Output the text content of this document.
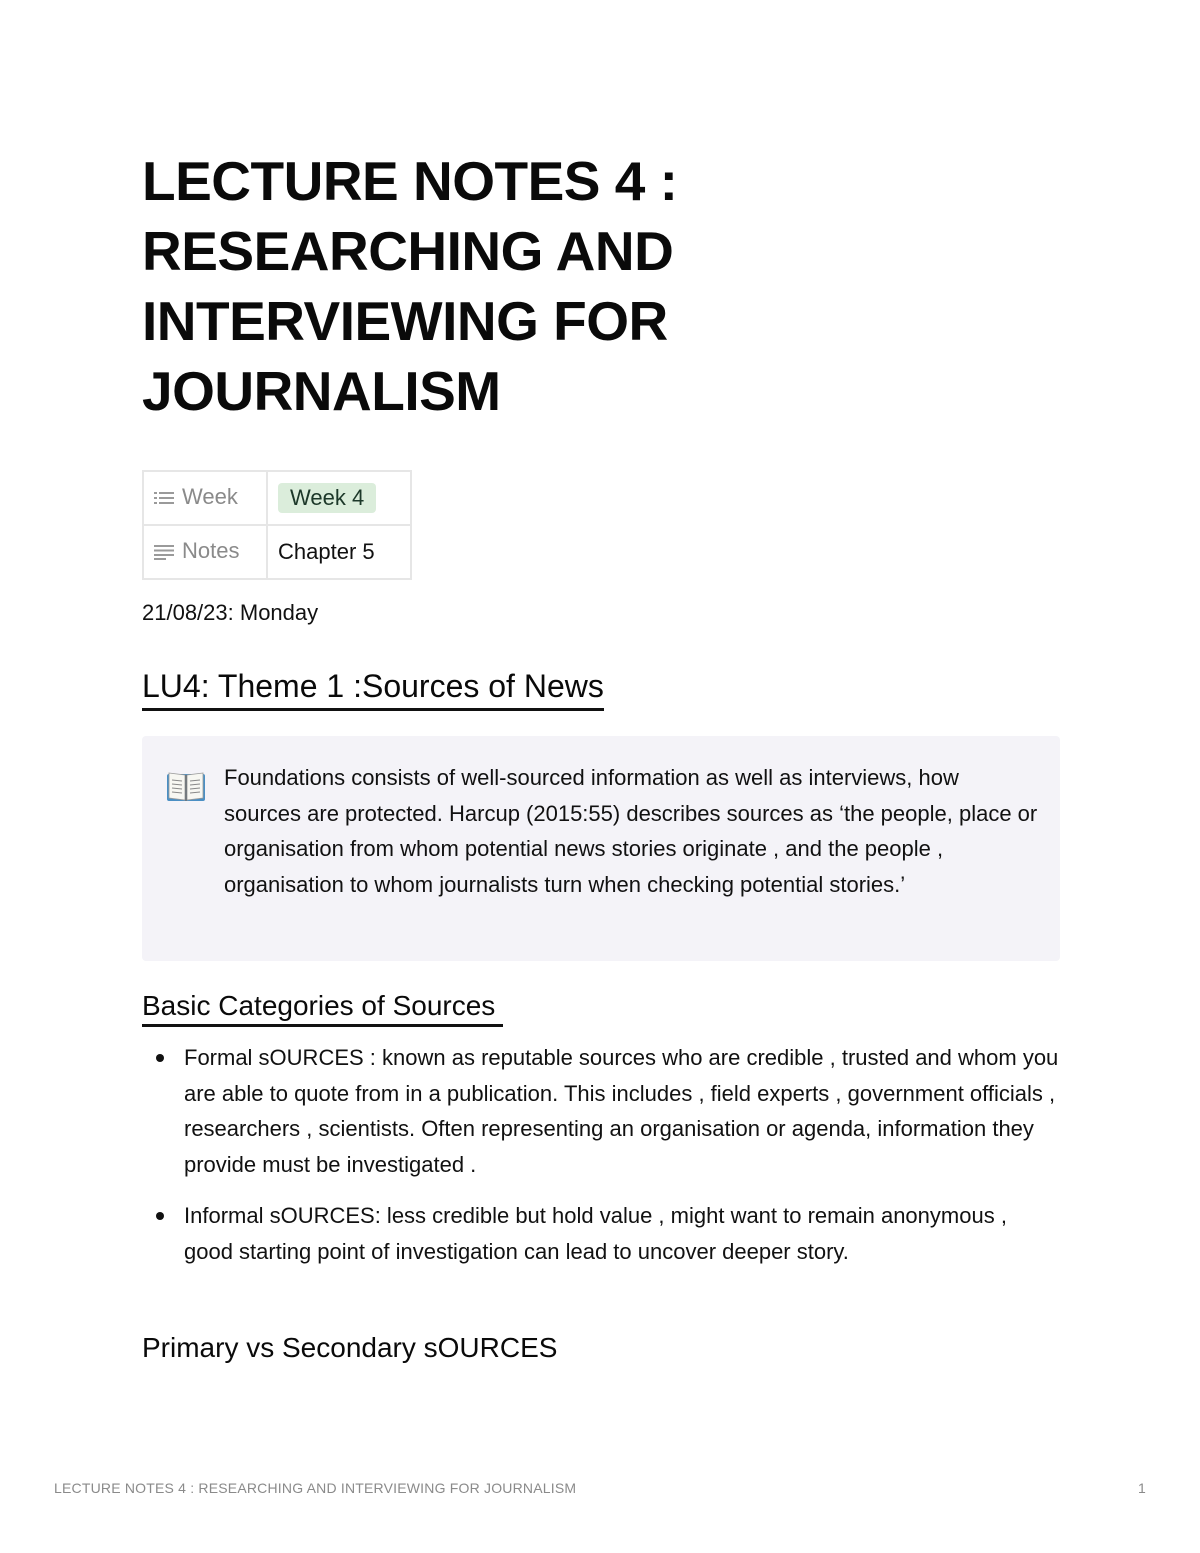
LECTURE NOTES 4 : RESEARCHING AND INTERVIEWING FOR JOURNALISM
Week	Week 4
Notes	Chapter 5
21/08/23: Monday
LU4: Theme 1 :Sources of News
Foundations consists of well-sourced information as well as interviews, how sources are protected. Harcup (2015:55) describes sources as ‘the people, place or organisation from whom potential news stories originate , and the people , organisation to whom journalists turn when checking potential stories.’
Basic Categories of Sources
Formal sOURCES : known as reputable sources who are credible , trusted and whom you are able to quote from in a publication. This includes , field experts , government officials , researchers , scientists. Often representing an organisation or agenda, information they provide must be investigated .
Informal sOURCES: less credible but hold value , might want to remain anonymous , good starting point of investigation can lead to uncover deeper story.
Primary vs Secondary sOURCES
LECTURE NOTES 4 : RESEARCHING AND INTERVIEWING FOR JOURNALISM	1
